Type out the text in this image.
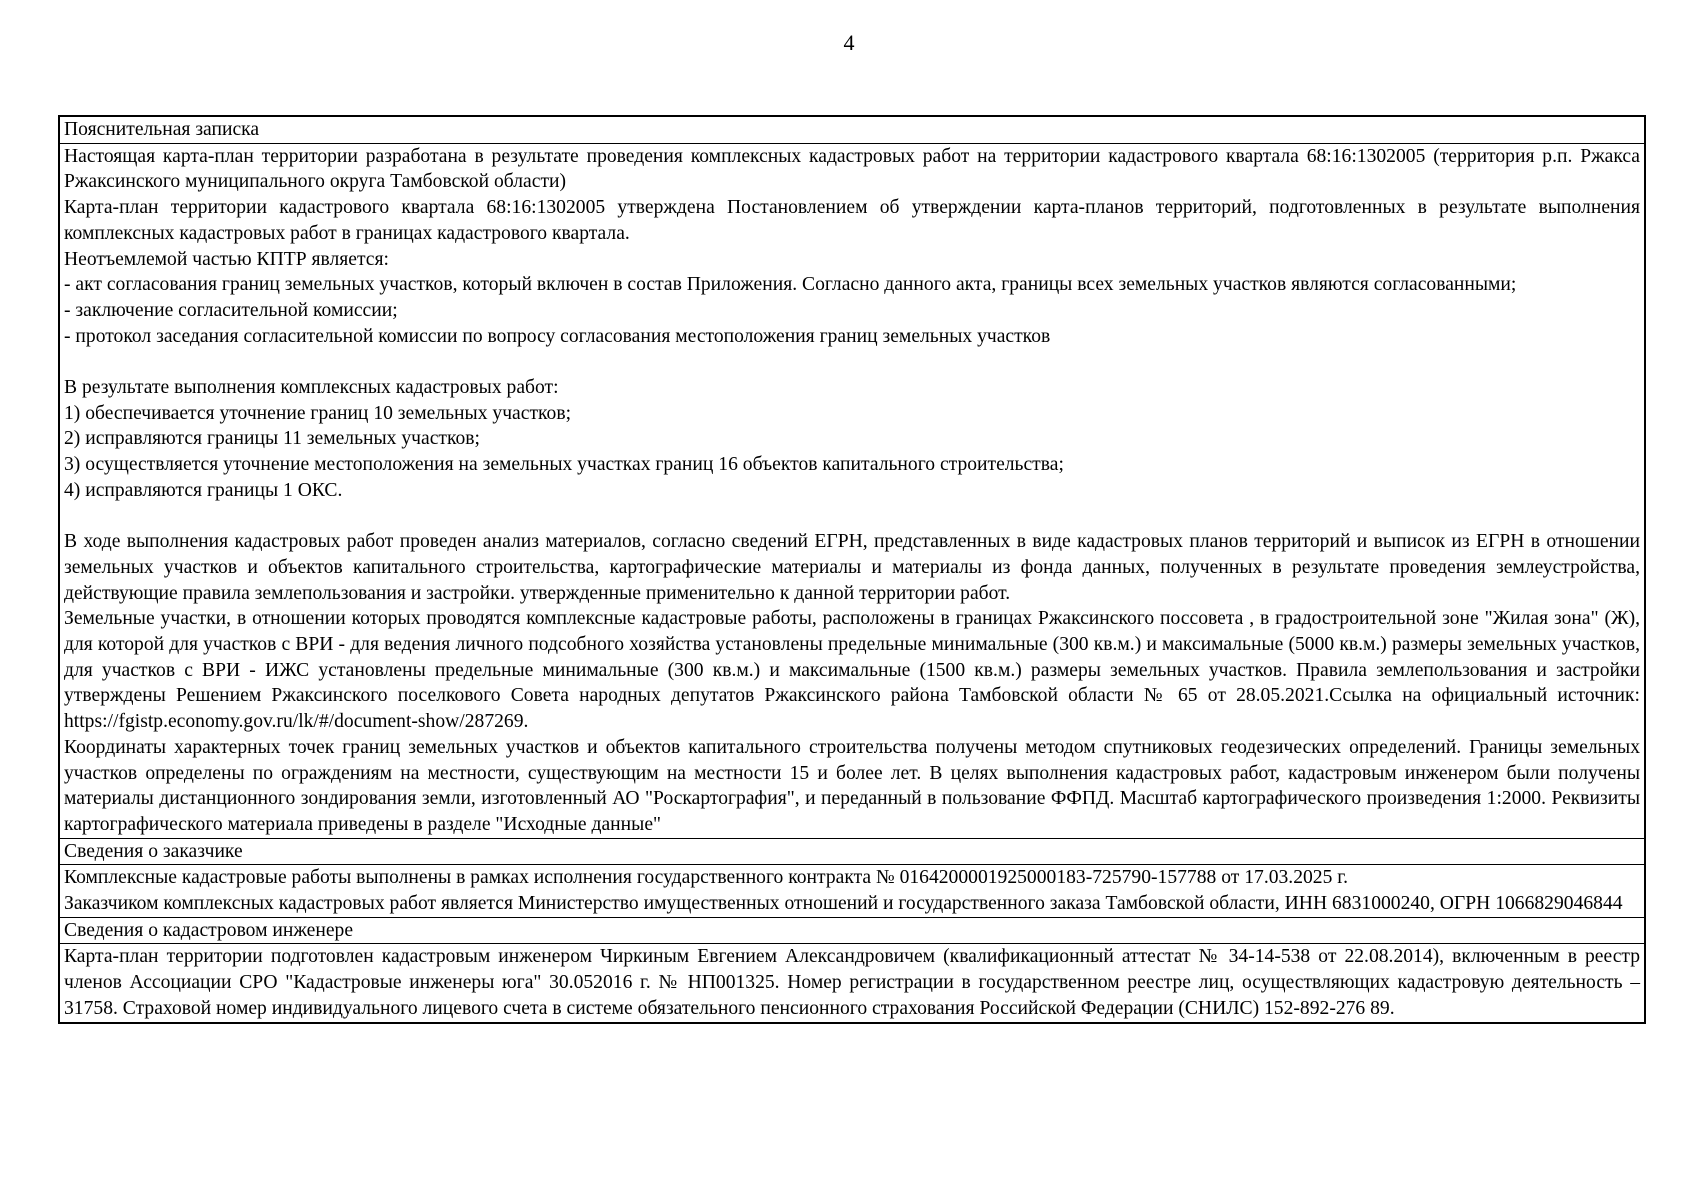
4

Пояснительная записка

Настоящая карта-план территории разработана в результате проведения комплексных кадастровых работ на территории кадастрового квартала 68:16:1302005 (территория р.п. Ржакса Ржаксинского муниципального округа Тамбовской области)

Карта-план территории кадастрового квартала 68:16:1302005 утверждена Постановлением об утверждении карта-планов территорий, подготовленных в результате выполнения комплексных кадастровых работ в границах кадастрового квартала.

Неотъемлемой частью КПТР является:

- акт согласования границ земельных участков, который включен в состав Приложения. Согласно данного акта, границы всех земельных участков являются согласованными;

- заключение согласительной комиссии;

- протокол заседания согласительной комиссии по вопросу согласования местоположения границ земельных участков

В результате выполнения комплексных кадастровых работ:

1) обеспечивается уточнение границ 10 земельных участков;

2) исправляются границы 11 земельных участков;

3) осуществляется уточнение местоположения на земельных участках границ 16 объектов капитального строительства;

4) исправляются границы 1 ОКС.

В ходе выполнения кадастровых работ проведен анализ материалов, согласно сведений ЕГРН, представленных в виде кадастровых планов территорий и выписок из ЕГРН в отношении земельных участков и объектов капитального строительства, картографические материалы и материалы из фонда данных, полученных в результате проведения землеустройства, действующие правила землепользования и застройки. утвержденные применительно к данной территории работ.

Земельные участки, в отношении которых проводятся комплексные кадастровые работы, расположены в границах Ржаксинского поссовета , в градостроительной зоне "Жилая зона" (Ж), для которой для участков с ВРИ - для ведения личного подсобного хозяйства установлены предельные минимальные (300 кв.м.) и максимальные (5000 кв.м.) размеры земельных участков, для участков с ВРИ - ИЖС установлены предельные минимальные (300 кв.м.) и максимальные (1500 кв.м.) размеры земельных участков. Правила землепользования и застройки утверждены Решением Ржаксинского поселкового Совета народных депутатов Ржаксинского района Тамбовской области № 65 от 28.05.2021.Ссылка на официальный источник: https://fgistp.economy.gov.ru/lk/#/document-show/287269.

Координаты характерных точек границ земельных участков и объектов капитального строительства получены методом спутниковых геодезических определений. Границы земельных участков определены по ограждениям на местности, существующим на местности 15 и более лет. В целях выполнения кадастровых работ, кадастровым инженером были получены материалы дистанционного зондирования земли, изготовленный АО "Роскартография", и переданный в пользование ФФПД. Масштаб картографического произведения 1:2000. Реквизиты картографического материала приведены в разделе "Исходные данные"

Сведения о заказчике

Комплексные кадастровые работы выполнены в рамках исполнения государственного контракта № 0164200001925000183-725790-157788 от 17.03.2025 г.

Заказчиком комплексных кадастровых работ является Министерство имущественных отношений и государственного заказа Тамбовской области, ИНН 6831000240, ОГРН 1066829046844

Сведения о кадастровом инженере

Карта-план территории подготовлен кадастровым инженером Чиркиным Евгением Александровичем (квалификационный аттестат № 34-14-538 от 22.08.2014), включенным в реестр членов Ассоциации СРО "Кадастровые инженеры юга" 30.052016 г. № НП001325. Номер регистрации в государственном реестре лиц, осуществляющих кадастровую деятельность – 31758. Страховой номер индивидуального лицевого счета в системе обязательного пенсионного страхования Российской Федерации (СНИЛС) 152-892-276 89.
